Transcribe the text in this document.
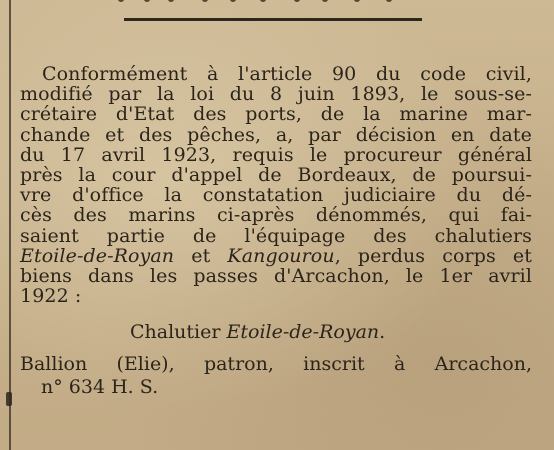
Conformément à l'article 90 du code civil,
modifié par la loi du 8 juin 1893, le sous-se-
crétaire d'Etat des ports, de la marine mar-
chande et des pêches, a, par décision en date
du 17 avril 1923, requis le procureur général
près la cour d'appel de Bordeaux, de poursui-
vre d'office la constatation judiciaire du dé-
cès des marins ci-après dénommés, qui fai-
saient partie de l'équipage des chalutiers
Etoile-de-Royan et Kangourou, perdus corps et
biens dans les passes d'Arcachon, le 1er avril
1922 :
Chalutier Etoile-de-Royan.
Ballion (Elie), patron, inscrit à Arcachon,
n° 634 H. S.
